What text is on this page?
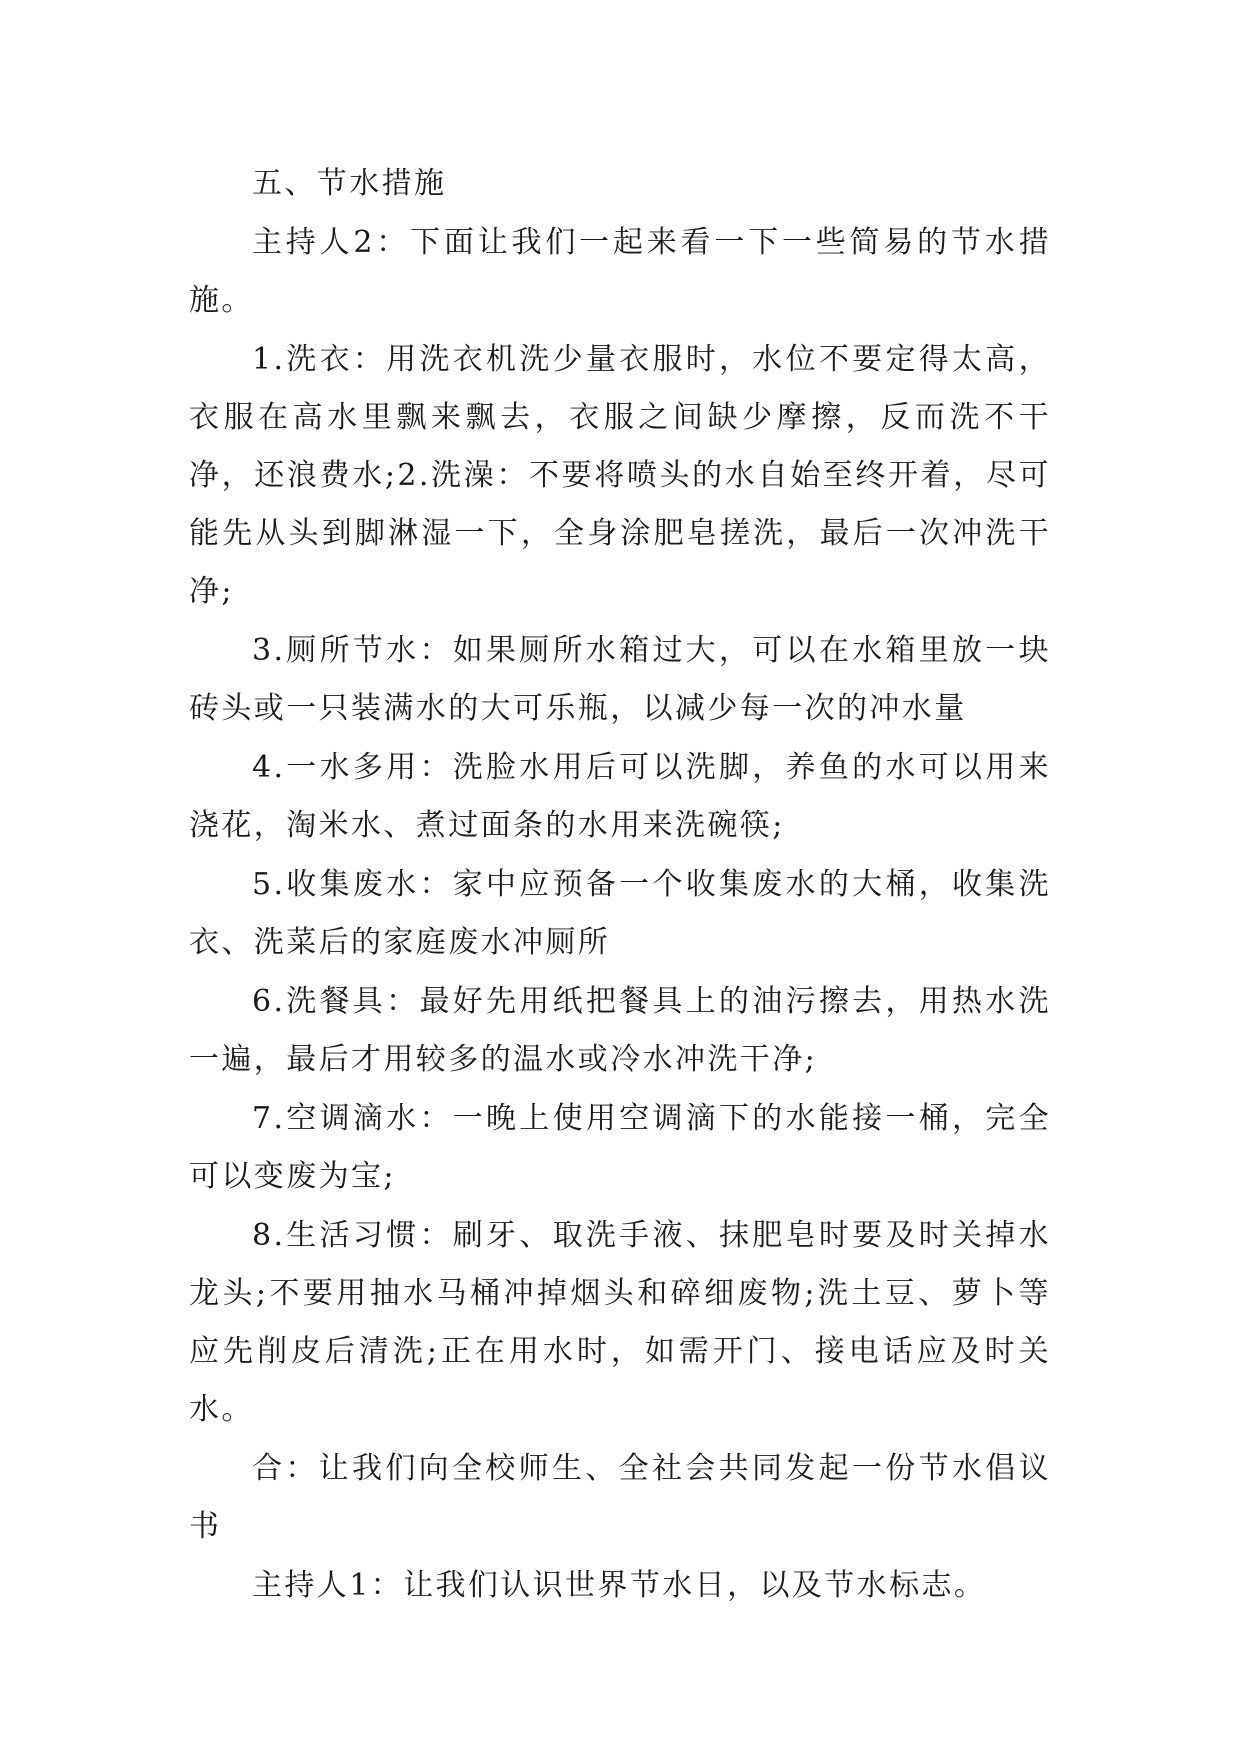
五、节水措施

主持人2：下面让我们一起来看一下一些简易的节水措施。

1.洗衣：用洗衣机洗少量衣服时，水位不要定得太高，衣服在高水里飘来飘去，衣服之间缺少摩擦，反而洗不干净，还浪费水;2.洗澡：不要将喷头的水自始至终开着，尽可能先从头到脚淋湿一下，全身涂肥皂搓洗，最后一次冲洗干净;

3.厕所节水：如果厕所水箱过大，可以在水箱里放一块砖头或一只装满水的大可乐瓶，以减少每一次的冲水量

4.一水多用：洗脸水用后可以洗脚，养鱼的水可以用来浇花，淘米水、煮过面条的水用来洗碗筷;

5.收集废水：家中应预备一个收集废水的大桶，收集洗衣、洗菜后的家庭废水冲厕所

6.洗餐具：最好先用纸把餐具上的油污擦去，用热水洗一遍，最后才用较多的温水或冷水冲洗干净;

7.空调滴水：一晚上使用空调滴下的水能接一桶，完全可以变废为宝;

8.生活习惯：刷牙、取洗手液、抹肥皂时要及时关掉水龙头;不要用抽水马桶冲掉烟头和碎细废物;洗土豆、萝卜等应先削皮后清洗;正在用水时，如需开门、接电话应及时关水。

合：让我们向全校师生、全社会共同发起一份节水倡议书

主持人1：让我们认识世界节水日，以及节水标志。
